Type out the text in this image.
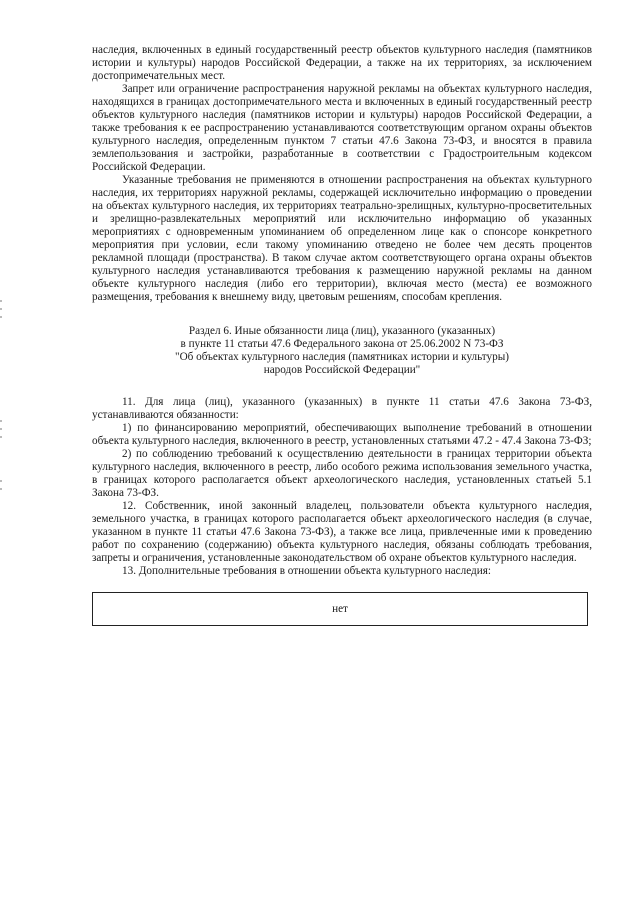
наследия, включенных в единый государственный реестр объектов культурного наследия (памятников истории и культуры) народов Российской Федерации, а также на их территориях, за исключением достопримечательных мест.

Запрет или ограничение распространения наружной рекламы на объектах культурного наследия, находящихся в границах достопримечательного места и включенных в единый государственный реестр объектов культурного наследия (памятников истории и культуры) народов Российской Федерации, а также требования к ее распространению устанавливаются соответствующим органом охраны объектов культурного наследия, определенным пунктом 7 статьи 47.6 Закона 73-ФЗ, и вносятся в правила землепользования и застройки, разработанные в соответствии с Градостроительным кодексом Российской Федерации.

Указанные требования не применяются в отношении распространения на объектах культурного наследия, их территориях наружной рекламы, содержащей исключительно информацию о проведении на объектах культурного наследия, их территориях театрально-зрелищных, культурно-просветительных и зрелищно-развлекательных мероприятий или исключительно информацию об указанных мероприятиях с одновременным упоминанием об определенном лице как о спонсоре конкретного мероприятия при условии, если такому упоминанию отведено не более чем десять процентов рекламной площади (пространства). В таком случае актом соответствующего органа охраны объектов культурного наследия устанавливаются требования к размещению наружной рекламы на данном объекте культурного наследия (либо его территории), включая место (места) ее возможного размещения, требования к внешнему виду, цветовым решениям, способам крепления.

Раздел 6. Иные обязанности лица (лиц), указанного (указанных)
в пункте 11 статьи 47.6 Федерального закона от 25.06.2002 N 73-ФЗ
"Об объектах культурного наследия (памятниках истории и культуры)
народов Российской Федерации"

11. Для лица (лиц), указанного (указанных) в пункте 11 статьи 47.6 Закона 73-ФЗ, устанавливаются обязанности:

1) по финансированию мероприятий, обеспечивающих выполнение требований в отношении объекта культурного наследия, включенного в реестр, установленных статьями 47.2 - 47.4 Закона 73-ФЗ;

2) по соблюдению требований к осуществлению деятельности в границах территории объекта культурного наследия, включенного в реестр, либо особого режима использования земельного участка, в границах которого располагается объект археологического наследия, установленных статьей 5.1 Закона 73-ФЗ.

12. Собственник, иной законный владелец, пользователи объекта культурного наследия, земельного участка, в границах которого располагается объект археологического наследия (в случае, указанном в пункте 11 статьи 47.6 Закона 73-ФЗ), а также все лица, привлеченные ими к проведению работ по сохранению (содержанию) объекта культурного наследия, обязаны соблюдать требования, запреты и ограничения, установленные законодательством об охране объектов культурного наследия.

13. Дополнительные требования в отношении объекта культурного наследия:

нет
